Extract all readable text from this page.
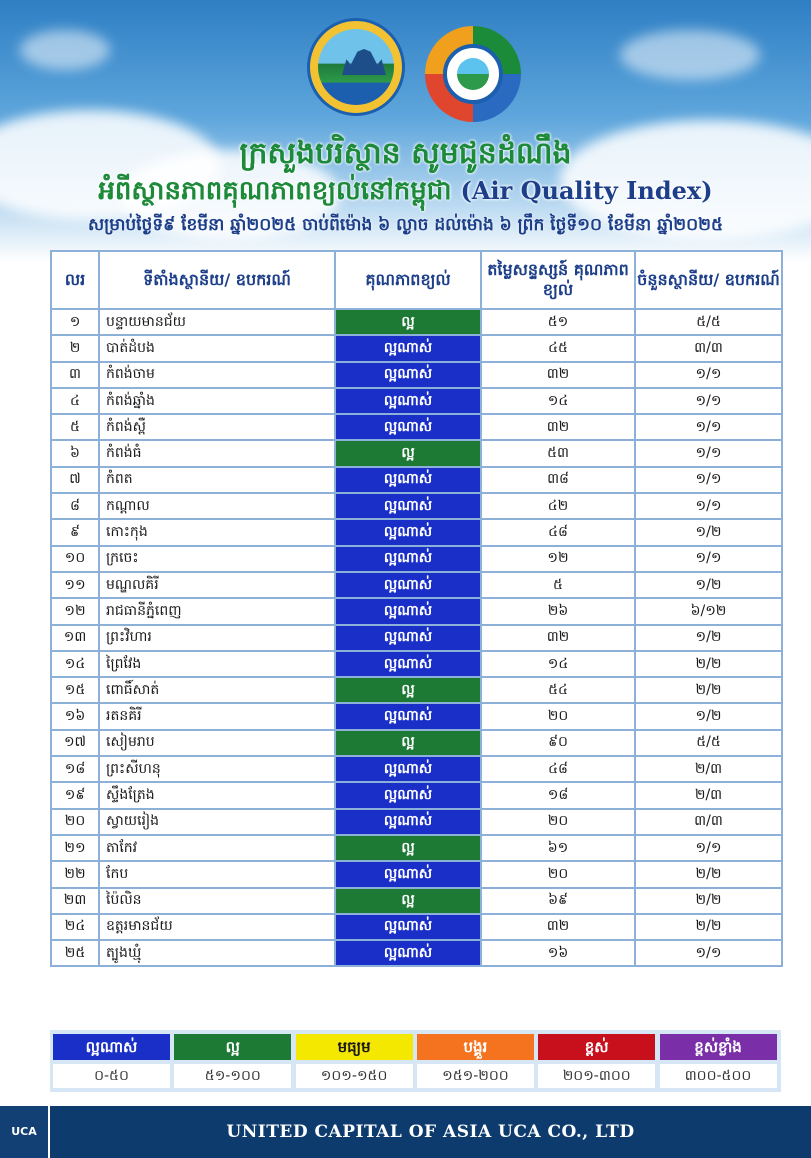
ក្រសួងបរិស្ថាន សូមជូនដំណឹង
អំពីស្ថានភាពគុណភាពខ្យល់នៅកម្ពុជា (Air Quality Index)
សម្រាប់ថ្ងៃទី៩ ខែមីនា ឆ្នាំ២០២៥ ចាប់ពីម៉ោង ៦ ល្ងាច ដល់ម៉ោង ៦ ព្រឹក ថ្ងៃទី១០ ខែមីនា ឆ្នាំ២០២៥
លរ	ទីតាំងស្ថានីយ/ ឧបករណ៍	គុណភាពខ្យល់	តម្លៃសន្ទស្សន៍ គុណភាពខ្យល់	ចំនួនស្ថានីយ/ ឧបករណ៍
១	បន្ទាយមានជ័យ	ល្អ	៥១	៥/៥
២	បាត់ដំបង	ល្អណាស់	៤៥	៣/៣
៣	កំពង់ចាម	ល្អណាស់	៣២	១/១
៤	កំពង់ឆ្នាំង	ល្អណាស់	១៤	១/១
៥	កំពង់ស្ពឺ	ល្អណាស់	៣២	១/១
៦	កំពង់ធំ	ល្អ	៥៣	១/១
៧	កំពត	ល្អណាស់	៣៨	១/១
៨	កណ្តាល	ល្អណាស់	៤២	១/១
៩	កោះកុង	ល្អណាស់	៤៨	១/២
១០	ក្រចេះ	ល្អណាស់	១២	១/១
១១	មណ្ឌលគិរី	ល្អណាស់	៥	១/២
១២	រាជធានីភ្នំពេញ	ល្អណាស់	២៦	៦/១២
១៣	ព្រះវិហារ	ល្អណាស់	៣២	១/២
១៤	ព្រៃវែង	ល្អណាស់	១៤	២/២
១៥	ពោធិ៍សាត់	ល្អ	៥៤	២/២
១៦	រតនគិរី	ល្អណាស់	២០	១/២
១៧	សៀមរាប	ល្អ	៩០	៥/៥
១៨	ព្រះសីហនុ	ល្អណាស់	៤៨	២/៣
១៩	ស្ទឹងត្រែង	ល្អណាស់	១៨	២/៣
២០	ស្វាយរៀង	ល្អណាស់	២០	៣/៣
២១	តាកែវ	ល្អ	៦១	១/១
២២	កែប	ល្អណាស់	២០	២/២
២៣	ប៉ៃលិន	ល្អ	៦៩	២/២
២៤	ឧត្តរមានជ័យ	ល្អណាស់	៣២	២/២
២៥	ត្បូងឃ្មុំ	ល្អណាស់	១៦	១/១
ល្អណាស់
០-៥០
ល្អ
៥១-១០០
មធ្យម
១០១-១៥០
បង្គួរ
១៥១-២០០
ខ្ពស់
២០១-៣០០
ខ្ពស់ខ្លាំង
៣០០-៥០០
UCA	UNITED CAPITAL OF ASIA UCA CO., LTD
